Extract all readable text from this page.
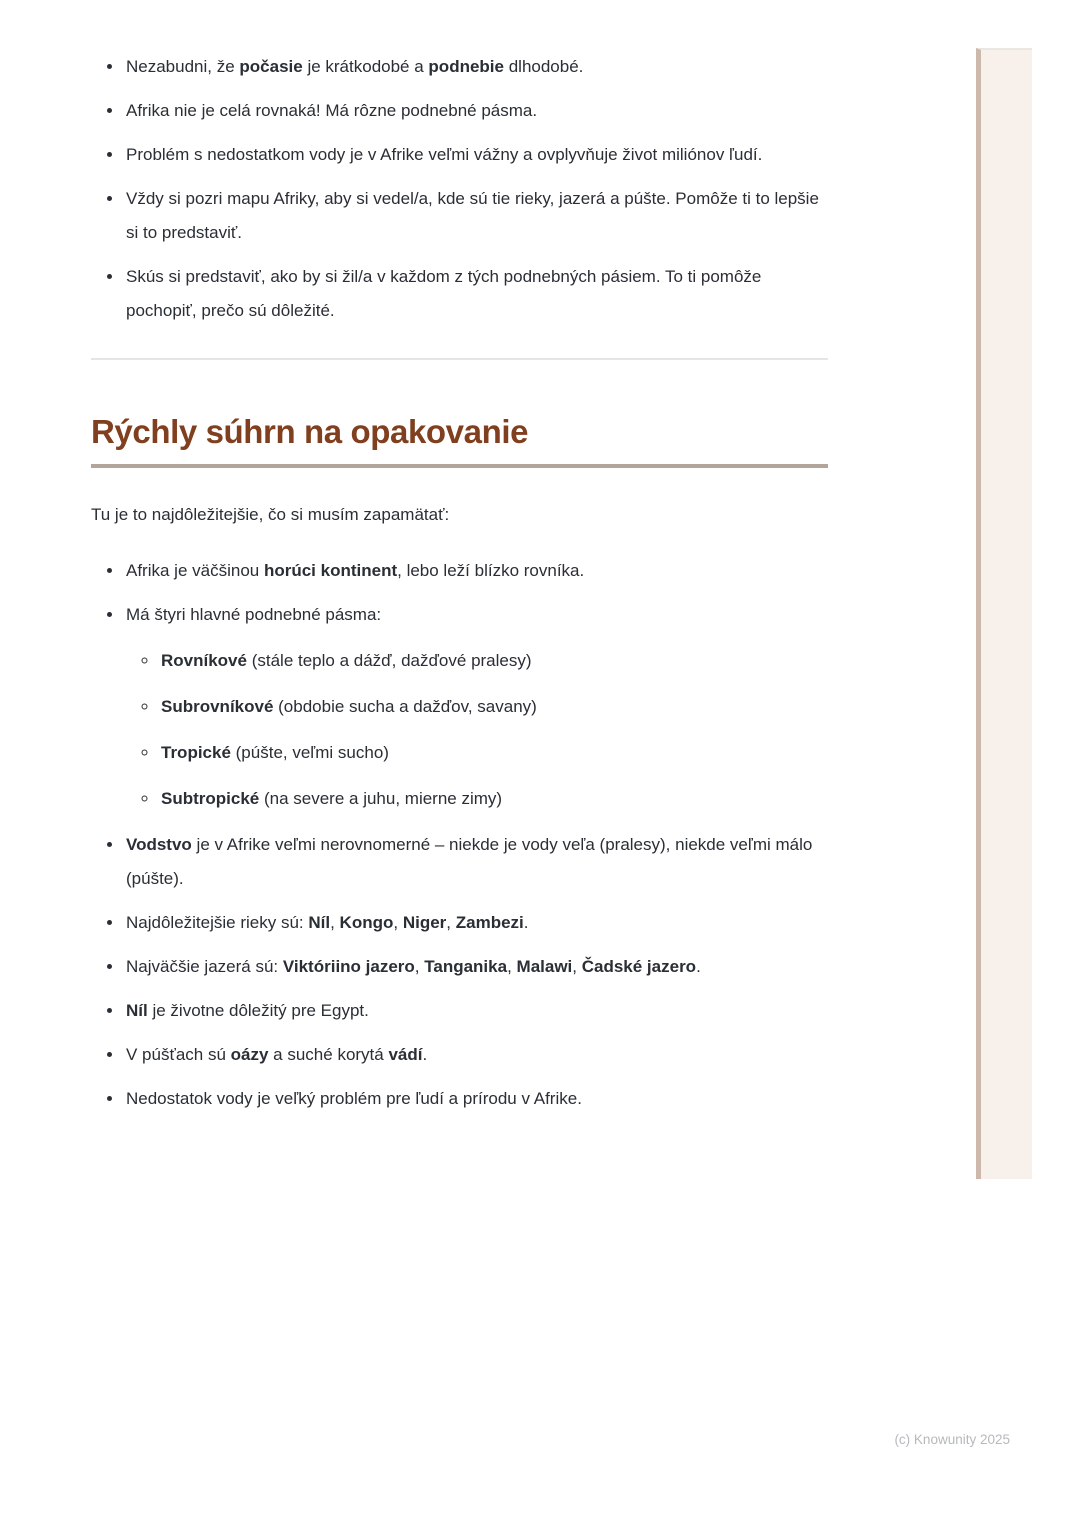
• Nezabudni, že počasie je krátkodobé a podnebie dlhodobé.
• Afrika nie je celá rovnaká! Má rôzne podnebné pásma.
• Problém s nedostatkom vody je v Afrike veľmi vážny a ovplyvňuje život miliónov ľudí.
• Vždy si pozri mapu Afriky, aby si vedel/a, kde sú tie rieky, jazerá a púšte. Pomôže ti to lepšie si to predstaviť.
• Skús si predstaviť, ako by si žil/a v každom z tých podnebných pásiem. To ti pomôže pochopiť, prečo sú dôležité.
Rýchly súhrn na opakovanie

Tu je to najdôležitejšie, čo si musím zapamätať:

• Afrika je väčšinou horúci kontinent, lebo leží blízko rovníka.
• Má štyri hlavné podnebné pásma:
◦ Rovníkové (stále teplo a dážď, dažďové pralesy)
◦ Subrovníkové (obdobie sucha a dažďov, savany)
◦ Tropické (púšte, veľmi sucho)
◦ Subtropické (na severe a juhu, mierne zimy)
• Vodstvo je v Afrike veľmi nerovnomerné – niekde je vody veľa (pralesy), niekde veľmi málo (púšte).
• Najdôležitejšie rieky sú: Níl, Kongo, Niger, Zambezi.
• Najväčšie jazerá sú: Viktóriino jazero, Tanganika, Malawi, Čadské jazero.
• Níl je životne dôležitý pre Egypt.
• V púšťach sú oázy a suché korytá vádí.
• Nedostatok vody je veľký problém pre ľudí a prírodu v Afrike.
(c) Knowunity 2025
